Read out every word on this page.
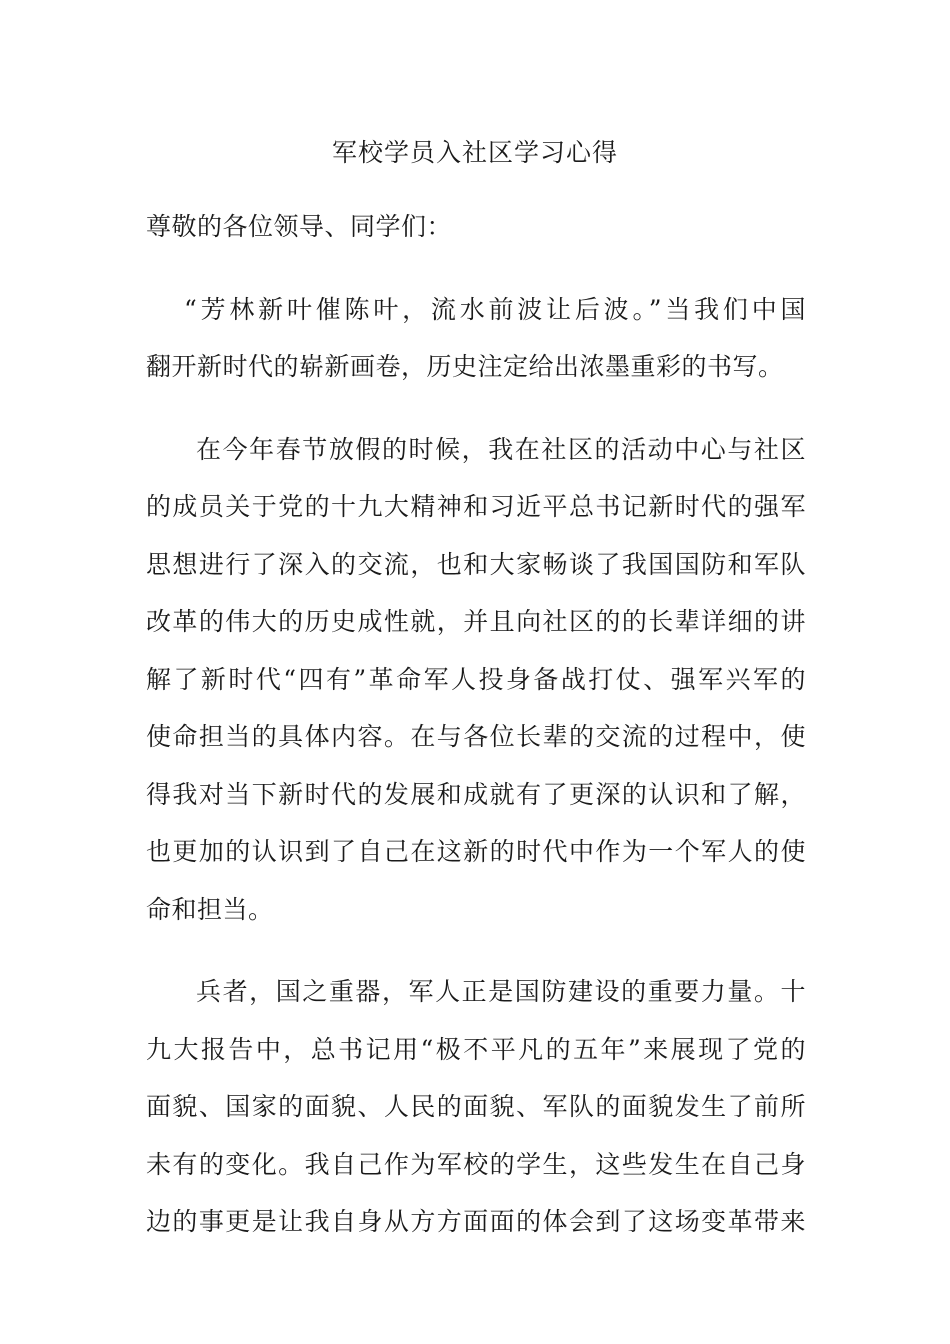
军校学员入社区学习心得

尊敬的各位领导、同学们：

“芳林新叶催陈叶，流水前波让后波。”当我们中国
翻开新时代的崭新画卷，历史注定给出浓墨重彩的书写。

在今年春节放假的时候，我在社区的活动中心与社区
的成员关于党的十九大精神和习近平总书记新时代的强军
思想进行了深入的交流，也和大家畅谈了我国国防和军队
改革的伟大的历史成性就，并且向社区的的长辈详细的讲
解了新时代“四有”革命军人投身备战打仗、强军兴军的
使命担当的具体内容。在与各位长辈的交流的过程中，使
得我对当下新时代的发展和成就有了更深的认识和了解，
也更加的认识到了自己在这新的时代中作为一个军人的使
命和担当。

兵者，国之重器，军人正是国防建设的重要力量。十
九大报告中，总书记用“极不平凡的五年”来展现了党的
面貌、国家的面貌、人民的面貌、军队的面貌发生了前所
未有的变化。我自己作为军校的学生，这些发生在自己身
边的事更是让我自身从方方面面的体会到了这场变革带来
